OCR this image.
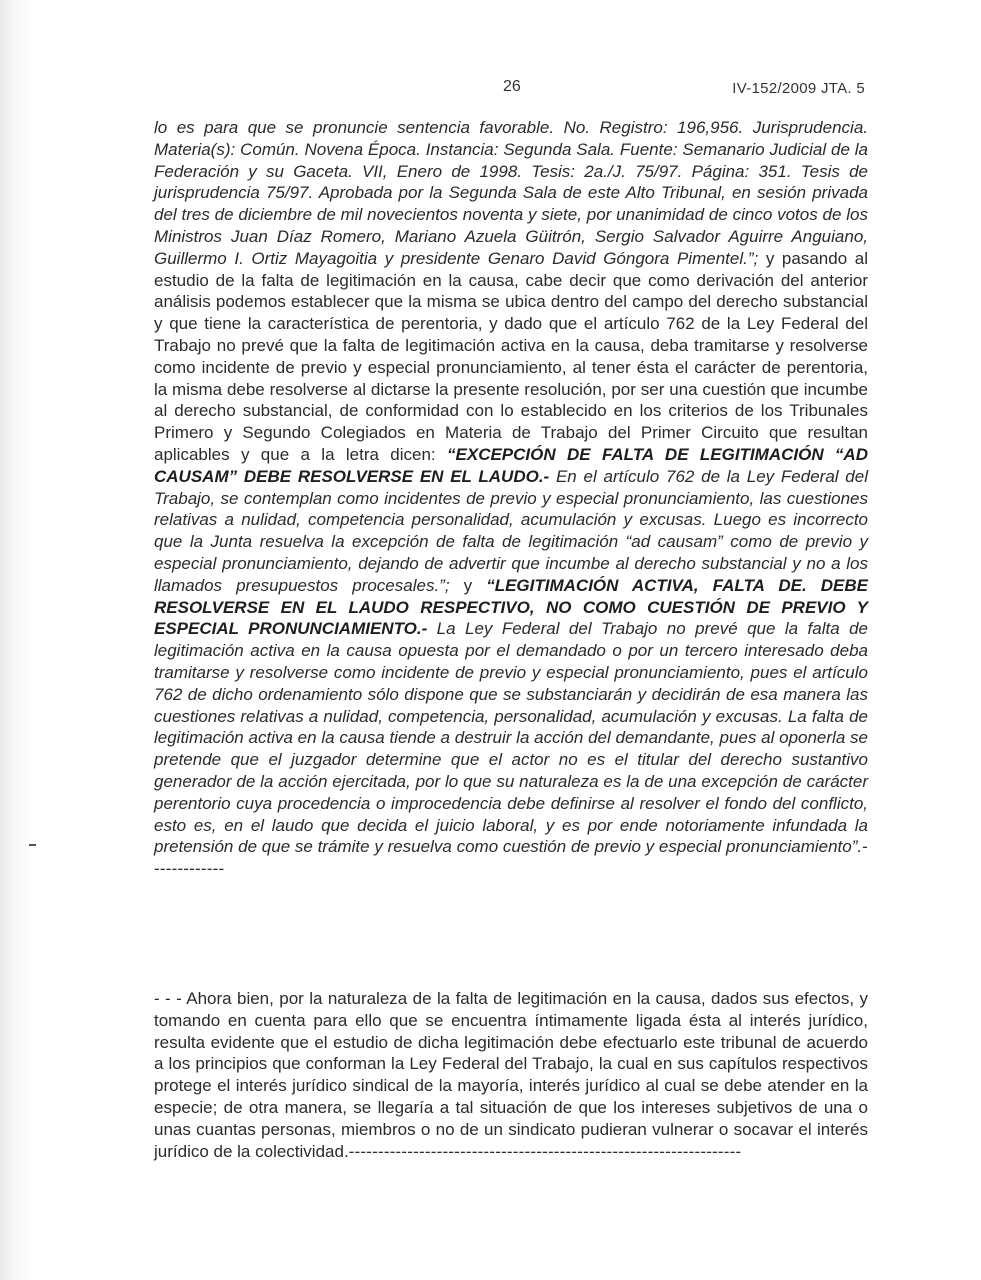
26	IV-152/2009 JTA. 5

lo es para que se pronuncie sentencia favorable. No. Registro: 196,956. Jurisprudencia. Materia(s): Común. Novena Época. Instancia: Segunda Sala. Fuente: Semanario Judicial de la Federación y su Gaceta. VII, Enero de 1998. Tesis: 2a./J. 75/97. Página: 351. Tesis de jurisprudencia 75/97. Aprobada por la Segunda Sala de este Alto Tribunal, en sesión privada del tres de diciembre de mil novecientos noventa y siete, por unanimidad de cinco votos de los Ministros Juan Díaz Romero, Mariano Azuela Güitrón, Sergio Salvador Aguirre Anguiano, Guillermo I. Ortiz Mayagoitia y presidente Genaro David Góngora Pimentel.”; y pasando al estudio de la falta de legitimación en la causa, cabe decir que como derivación del anterior análisis podemos establecer que la misma se ubica dentro del campo del derecho substancial y que tiene la característica de perentoria, y dado que el artículo 762 de la Ley Federal del Trabajo no prevé que la falta de legitimación activa en la causa, deba tramitarse y resolverse como incidente de previo y especial pronunciamiento, al tener ésta el carácter de perentoria, la misma debe resolverse al dictarse la presente resolución, por ser una cuestión que incumbe al derecho substancial, de conformidad con lo establecido en los criterios de los Tribunales Primero y Segundo Colegiados en Materia de Trabajo del Primer Circuito que resultan aplicables y que a la letra dicen: “EXCEPCIÓN DE FALTA DE LEGITIMACIÓN “AD CAUSAM” DEBE RESOLVERSE EN EL LAUDO.- En el artículo 762 de la Ley Federal del Trabajo, se contemplan como incidentes de previo y especial pronunciamiento, las cuestiones relativas a nulidad, competencia personalidad, acumulación y excusas. Luego es incorrecto que la Junta resuelva la excepción de falta de legitimación “ad causam” como de previo y especial pronunciamiento, dejando de advertir que incumbe al derecho substancial y no a los llamados presupuestos procesales.”; y “LEGITIMACIÓN ACTIVA, FALTA DE. DEBE RESOLVERSE EN EL LAUDO RESPECTIVO, NO COMO CUESTIÓN DE PREVIO Y ESPECIAL PRONUNCIAMIENTO.- La Ley Federal del Trabajo no prevé que la falta de legitimación activa en la causa opuesta por el demandado o por un tercero interesado deba tramitarse y resolverse como incidente de previo y especial pronunciamiento, pues el artículo 762 de dicho ordenamiento sólo dispone que se substanciarán y decidirán de esa manera las cuestiones relativas a nulidad, competencia, personalidad, acumulación y excusas. La falta de legitimación activa en la causa tiende a destruir la acción del demandante, pues al oponerla se pretende que el juzgador determine que el actor no es el titular del derecho sustantivo generador de la acción ejercitada, por lo que su naturaleza es la de una excepción de carácter perentorio cuya procedencia o improcedencia debe definirse al resolver el fondo del conflicto, esto es, en el laudo que decida el juicio laboral, y es por ende notoriamente infundada la pretensión de que se trámite y resuelva como cuestión de previo y especial pronunciamiento”.-------------

- - - Ahora bien, por la naturaleza de la falta de legitimación en la causa, dados sus efectos, y tomando en cuenta para ello que se encuentra íntimamente ligada ésta al interés jurídico, resulta evidente que el estudio de dicha legitimación debe efectuarlo este tribunal de acuerdo a los principios que conforman la Ley Federal del Trabajo, la cual en sus capítulos respectivos protege el interés jurídico sindical de la mayoría, interés jurídico al cual se debe atender en la especie; de otra manera, se llegaría a tal situación de que los intereses subjetivos de una o unas cuantas personas, miembros o no de un sindicato pudieran vulnerar o socavar el interés jurídico de la colectividad.-------------------------------------------------------------------
